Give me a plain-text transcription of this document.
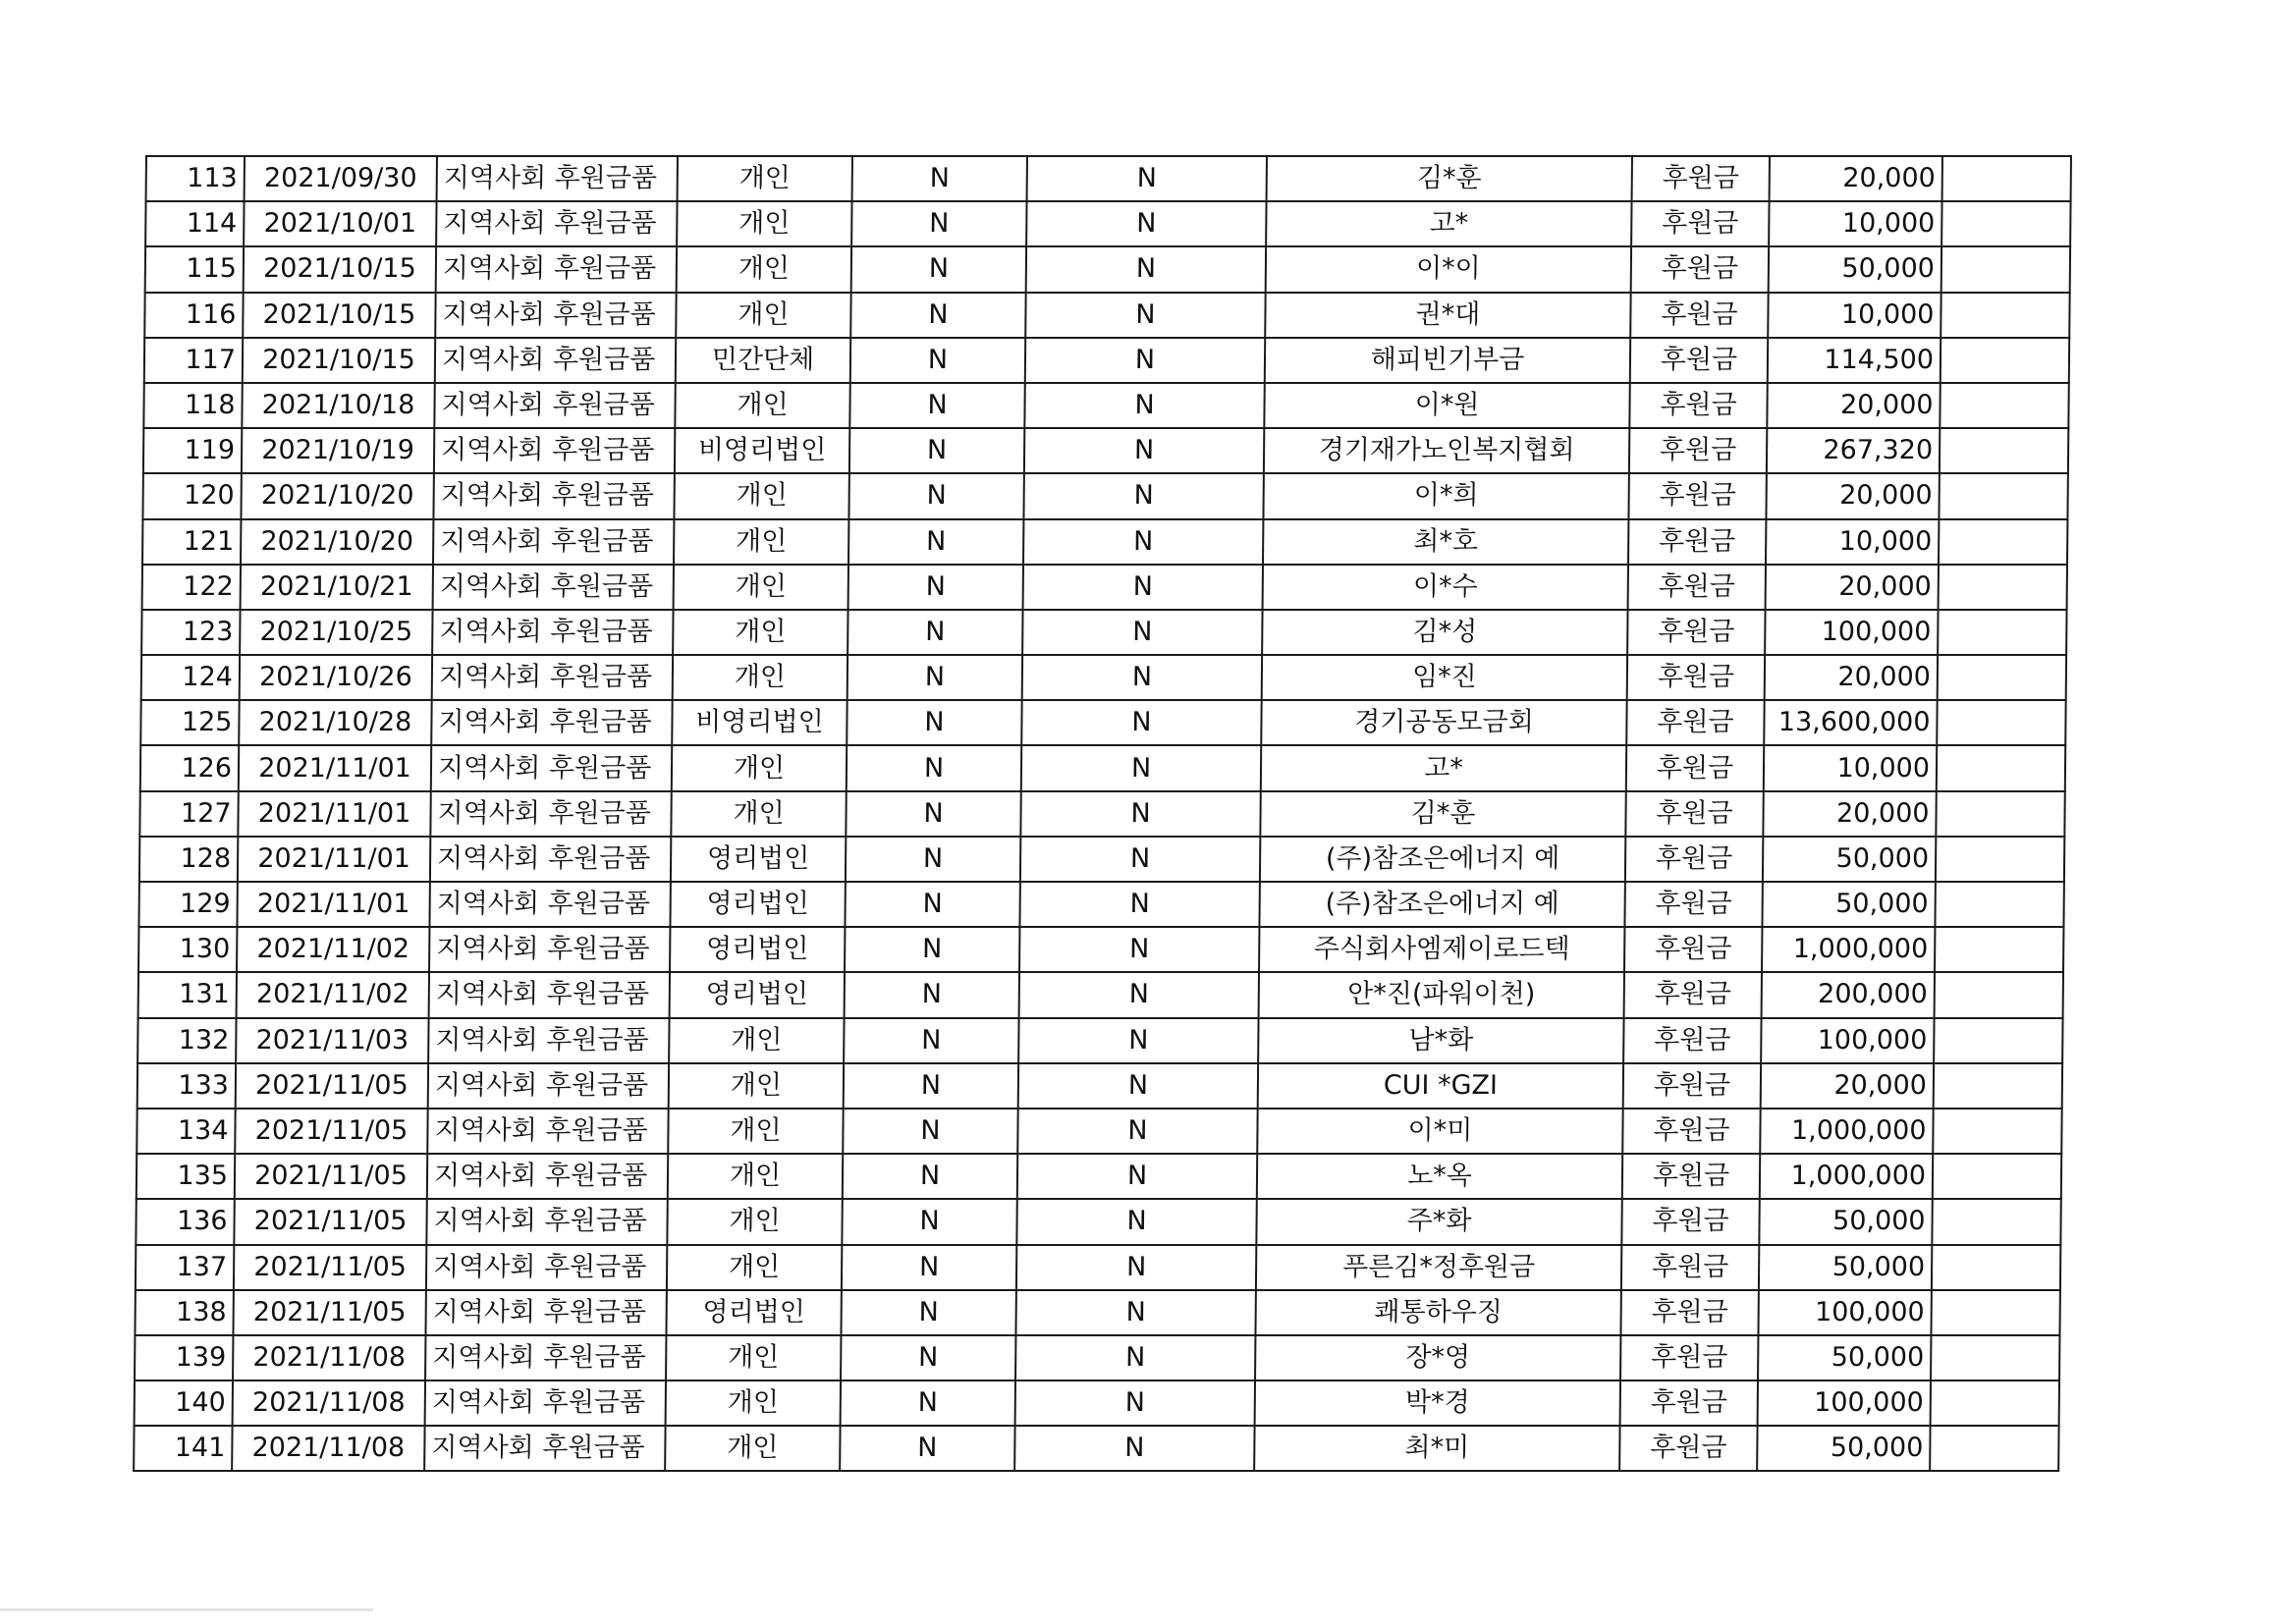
113	2021/09/30	지역사회 후원금품	개인	N	N	김*훈	후원금	20,000	
114	2021/10/01	지역사회 후원금품	개인	N	N	고*	후원금	10,000	
115	2021/10/15	지역사회 후원금품	개인	N	N	이*이	후원금	50,000	
116	2021/10/15	지역사회 후원금품	개인	N	N	권*대	후원금	10,000	
117	2021/10/15	지역사회 후원금품	민간단체	N	N	해피빈기부금	후원금	114,500	
118	2021/10/18	지역사회 후원금품	개인	N	N	이*원	후원금	20,000	
119	2021/10/19	지역사회 후원금품	비영리법인	N	N	경기재가노인복지협회	후원금	267,320	
120	2021/10/20	지역사회 후원금품	개인	N	N	이*희	후원금	20,000	
121	2021/10/20	지역사회 후원금품	개인	N	N	최*호	후원금	10,000	
122	2021/10/21	지역사회 후원금품	개인	N	N	이*수	후원금	20,000	
123	2021/10/25	지역사회 후원금품	개인	N	N	김*성	후원금	100,000	
124	2021/10/26	지역사회 후원금품	개인	N	N	임*진	후원금	20,000	
125	2021/10/28	지역사회 후원금품	비영리법인	N	N	경기공동모금회	후원금	13,600,000	
126	2021/11/01	지역사회 후원금품	개인	N	N	고*	후원금	10,000	
127	2021/11/01	지역사회 후원금품	개인	N	N	김*훈	후원금	20,000	
128	2021/11/01	지역사회 후원금품	영리법인	N	N	(주)참조은에너지 예	후원금	50,000	
129	2021/11/01	지역사회 후원금품	영리법인	N	N	(주)참조은에너지 예	후원금	50,000	
130	2021/11/02	지역사회 후원금품	영리법인	N	N	주식회사엠제이로드텍	후원금	1,000,000	
131	2021/11/02	지역사회 후원금품	영리법인	N	N	안*진(파워이천)	후원금	200,000	
132	2021/11/03	지역사회 후원금품	개인	N	N	남*화	후원금	100,000	
133	2021/11/05	지역사회 후원금품	개인	N	N	CUI *GZI	후원금	20,000	
134	2021/11/05	지역사회 후원금품	개인	N	N	이*미	후원금	1,000,000	
135	2021/11/05	지역사회 후원금품	개인	N	N	노*옥	후원금	1,000,000	
136	2021/11/05	지역사회 후원금품	개인	N	N	주*화	후원금	50,000	
137	2021/11/05	지역사회 후원금품	개인	N	N	푸른김*정후원금	후원금	50,000	
138	2021/11/05	지역사회 후원금품	영리법인	N	N	쾌통하우징	후원금	100,000	
139	2021/11/08	지역사회 후원금품	개인	N	N	장*영	후원금	50,000	
140	2021/11/08	지역사회 후원금품	개인	N	N	박*경	후원금	100,000	
141	2021/11/08	지역사회 후원금품	개인	N	N	최*미	후원금	50,000	
